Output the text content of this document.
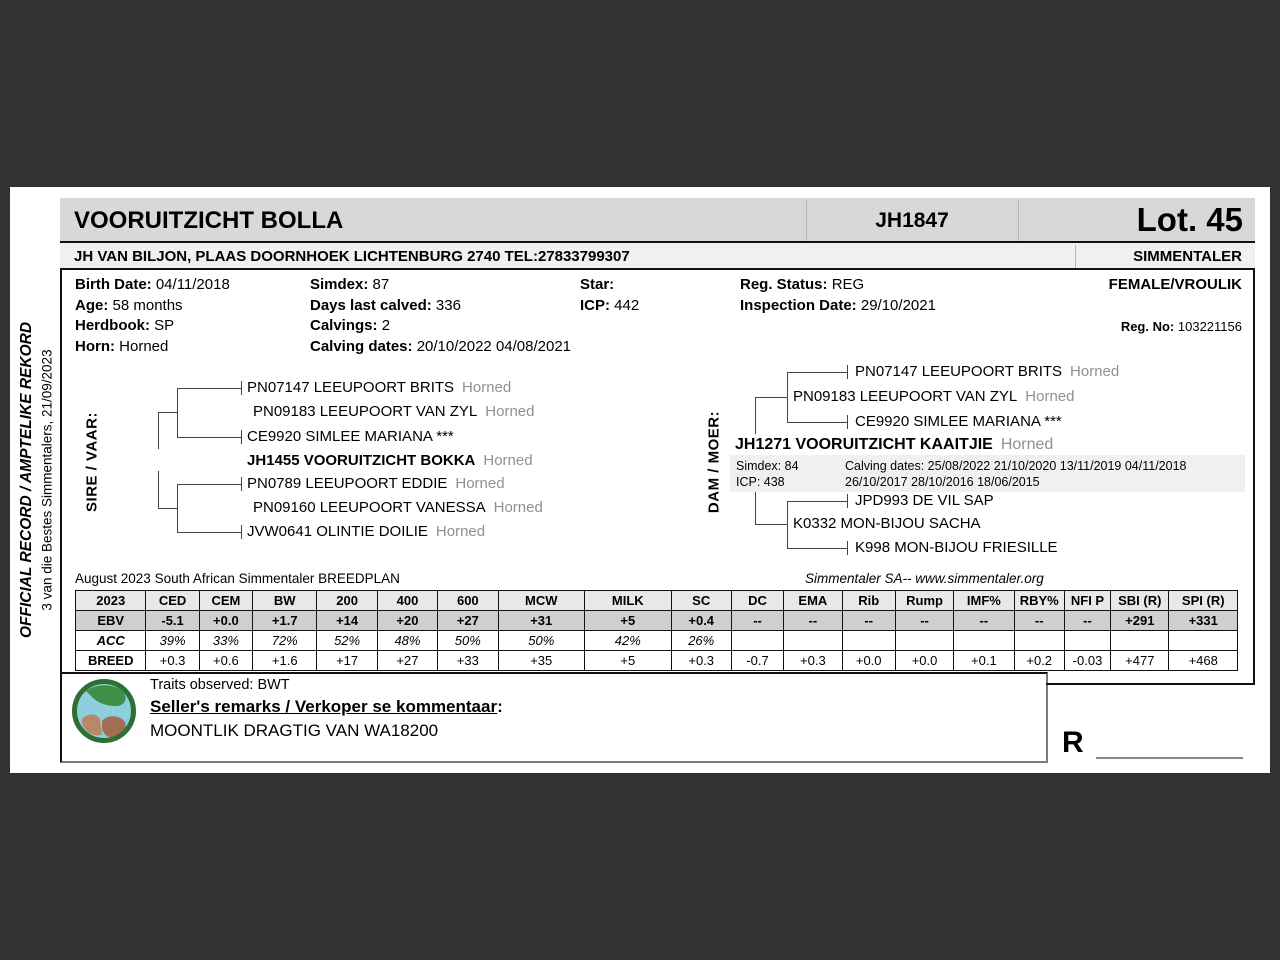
OFFICIAL RECORD / AMPTELIKE REKORD 3 van die Bestes Simmentalers, 21/09/2023
VOORUITZICHT BOLLA	JH1847	Lot. 45
JH VAN BILJON, PLAAS DOORNHOEK LICHTENBURG 2740 TEL:27833799307	SIMMENTALER
Birth Date: 04/11/2018
Age: 58 months
Herdbook: SP
Horn: Horned
Simdex: 87
Days last calved: 336
Calvings: 2
Calving dates: 20/10/2022 04/08/2021
Star:
ICP: 442
Reg. Status: REG
Inspection Date: 29/10/2021
FEMALE/VROULIK
Reg. No: 103221156
SIRE / VAAR:	DAM / MOER:
PN07147 LEEUPOORT BRITS Horned
PN09183 LEEUPOORT VAN ZYL Horned
CE9920 SIMLEE MARIANA ***
JH1455 VOORUITZICHT BOKKA Horned
PN0789 LEEUPOORT EDDIE Horned
PN09160 LEEUPOORT VANESSA Horned
JVW0641 OLINTIE DOILIE Horned
PN07147 LEEUPOORT BRITS Horned
PN09183 LEEUPOORT VAN ZYL Horned
CE9920 SIMLEE MARIANA ***
JH1271 VOORUITZICHT KAAITJIE Horned
JPD993 DE VIL SAP
K0332 MON-BIJOU SACHA
K998 MON-BIJOU FRIESILLE
Simdex: 84
ICP: 438
Calving dates: 25/08/2022 21/10/2020 13/11/2019 04/11/2018
26/10/2017 28/10/2016 18/06/2015
August 2023 South African Simmentaler BREEDPLAN	Simmentaler SA-- www.simmentaler.org
2023	CED	CEM	BW	200	400	600	MCW	MILK	SC	DC	EMA	Rib	Rump	IMF%	RBY%	NFI P	SBI (R)	SPI (R)
EBV	-5.1	+0.0	+1.7	+14	+20	+27	+31	+5	+0.4	--	--	--	--	--	--	--	+291	+331
ACC	39%	33%	72%	52%	48%	50%	50%	42%	26%									
BREED	+0.3	+0.6	+1.6	+17	+27	+33	+35	+5	+0.3	-0.7	+0.3	+0.0	+0.0	+0.1	+0.2	-0.03	+477	+468
Traits observed: BWT
Seller's remarks / Verkoper se kommentaar:
MOONTLIK DRAGTIG VAN WA18200	R
